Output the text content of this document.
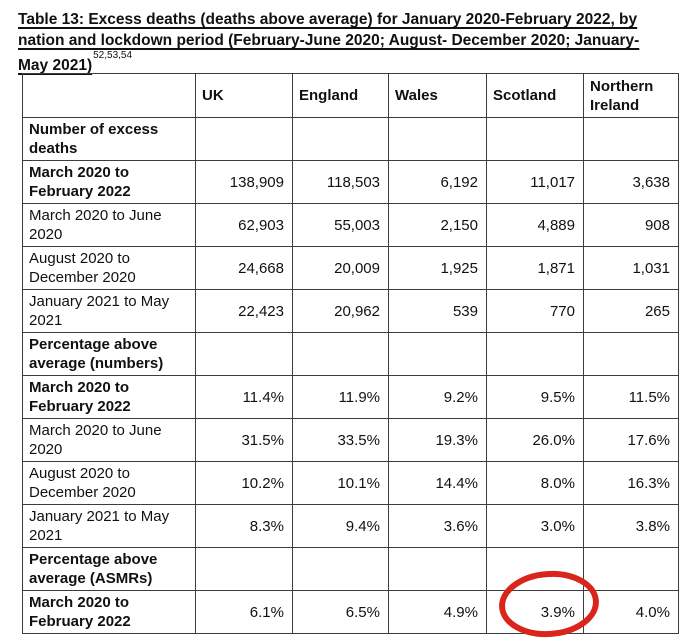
Table 13: Excess deaths (deaths above average) for January 2020-February 2022, by
nation and lockdown period (February-June 2020; August- December 2020; January-
May 2021)$^{52,53,54}$
	UK	England	Wales	Scotland	Northern Ireland
Number of excess deaths					
March 2020 to February 2022	138,909	118,503	6,192	11,017	3,638
March 2020 to June 2020	62,903	55,003	2,150	4,889	908
August 2020 to December 2020	24,668	20,009	1,925	1,871	1,031
January 2021 to May 2021	22,423	20,962	539	770	265
Percentage above average (numbers)					
March 2020 to February 2022	11.4%	11.9%	9.2%	9.5%	11.5%
March 2020 to June 2020	31.5%	33.5%	19.3%	26.0%	17.6%
August 2020 to December 2020	10.2%	10.1%	14.4%	8.0%	16.3%
January 2021 to May 2021	8.3%	9.4%	3.6%	3.0%	3.8%
Percentage above average (ASMRs)					
March 2020 to February 2022	6.1%	6.5%	4.9%	3.9%	4.0%
